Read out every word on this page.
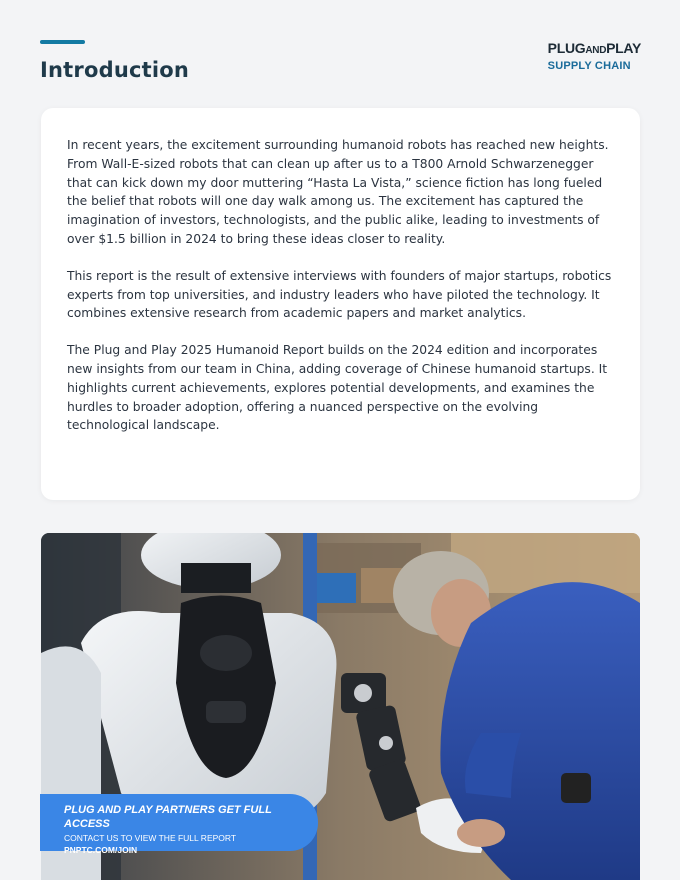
Introduction
PLUGANDPLAY
SUPPLY CHAIN

In recent years, the excitement surrounding humanoid robots has reached new heights. From Wall-E-sized robots that can clean up after us to a T800 Arnold Schwarzenegger that can kick down my door muttering “Hasta La Vista,” science fiction has long fueled the belief that robots will one day walk among us. The excitement has captured the imagination of investors, technologists, and the public alike, leading to investments of over $1.5 billion in 2024 to bring these ideas closer to reality.

This report is the result of extensive interviews with founders of major startups, robotics experts from top universities, and industry leaders who have piloted the technology. It combines extensive research from academic papers and market analytics.

The Plug and Play 2025 Humanoid Report builds on the 2024 edition and incorporates new insights from our team in China, adding coverage of Chinese humanoid startups. It highlights current achievements, explores potential developments, and examines the hurdles to broader adoption, offering a nuanced perspective on the evolving technological landscape.

PLUG AND PLAY PARTNERS GET FULL ACCESS
CONTACT US TO VIEW THE FULL REPORT
PNPTC.COM/JOIN
